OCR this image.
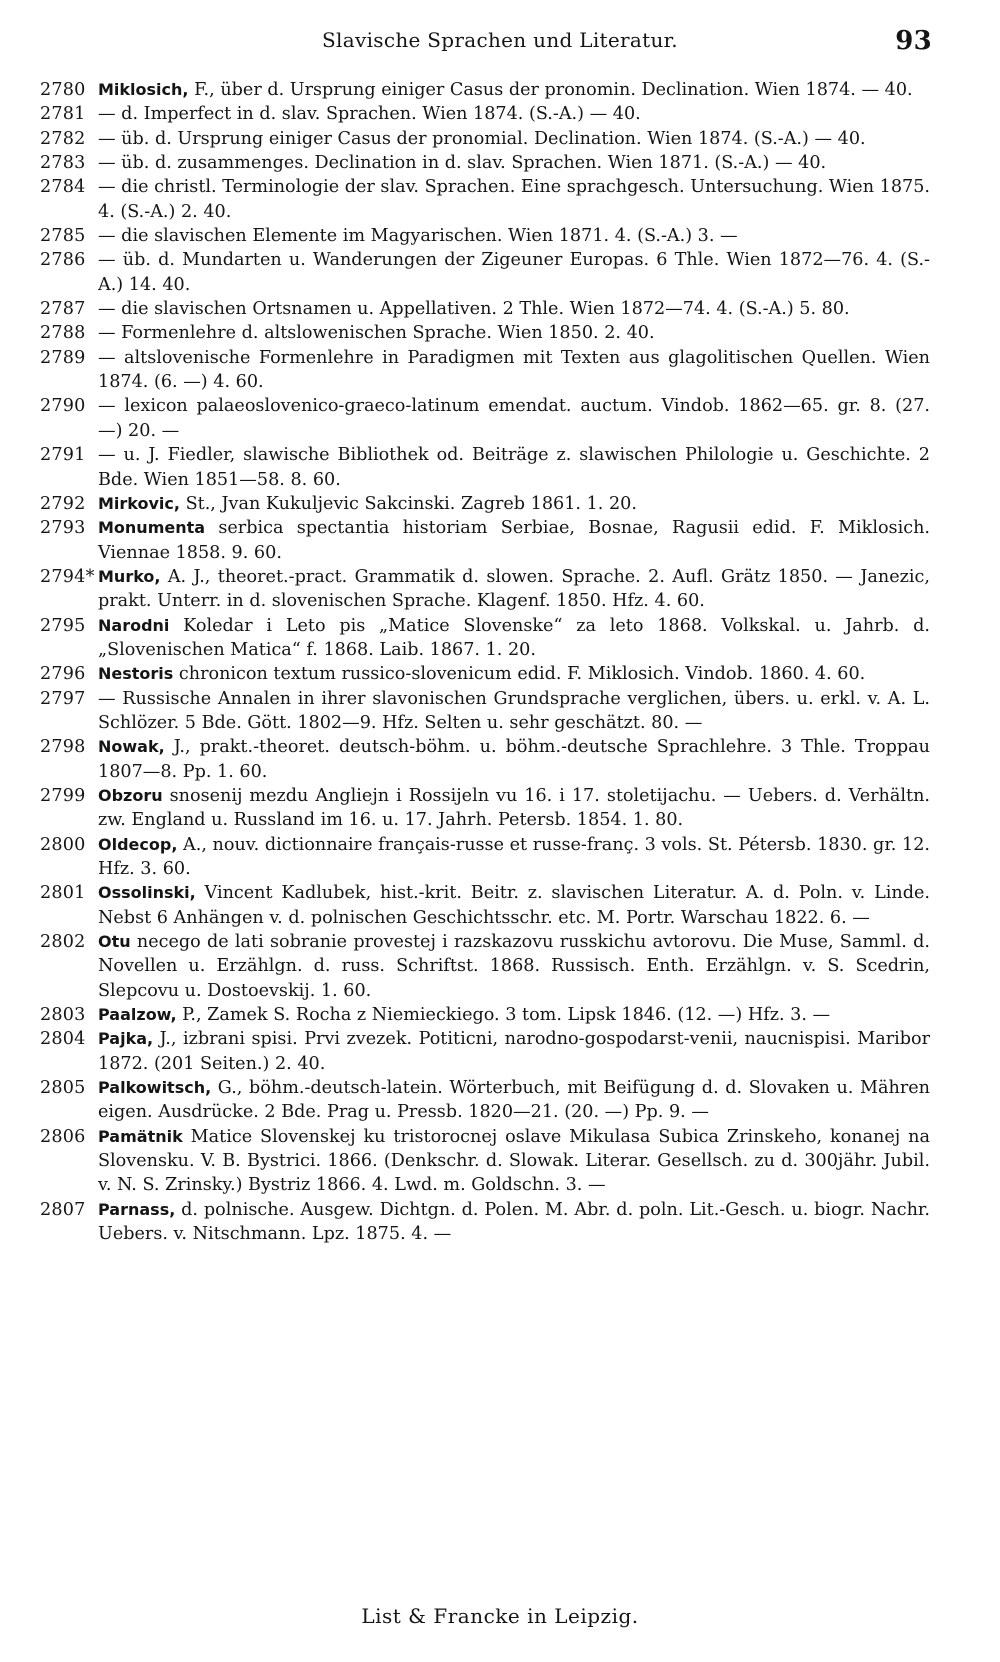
Slavische Sprachen und Literatur.	93
2780 Miklosich, F., über d. Ursprung einiger Casus der pronomin. Declination. Wien 1874. — 40.
2781 — d. Imperfect in d. slav. Sprachen. Wien 1874. (S.-A.) — 40.
2782 — üb. d. Ursprung einiger Casus der pronomial. Declination. Wien 1874. (S.-A.) — 40.
2783 — üb. d. zusammenges. Declination in d. slav. Sprachen. Wien 1871. (S.-A.) — 40.
2784 — die christl. Terminologie der slav. Sprachen. Eine sprachgesch. Untersuchung. Wien 1875. 4. (S.-A.) 2. 40.
2785 — die slavischen Elemente im Magyarischen. Wien 1871. 4. (S.-A.) 3. —
2786 — üb. d. Mundarten u. Wanderungen der Zigeuner Europas. 6 Thle. Wien 1872—76. 4. (S.-A.) 14. 40.
2787 — die slavischen Ortsnamen u. Appellativen. 2 Thle. Wien 1872—74. 4. (S.-A.) 5. 80.
2788 — Formenlehre d. altslowenischen Sprache. Wien 1850. 2. 40.
2789 — altslovenische Formenlehre in Paradigmen mit Texten aus glagolitischen Quellen. Wien 1874. (6. —) 4. 60.
2790 — lexicon palaeoslovenico-graeco-latinum emendat. auctum. Vindob. 1862—65. gr. 8. (27. —) 20. —
2791 — u. J. Fiedler, slawische Bibliothek od. Beiträge z. slawischen Philologie u. Geschichte. 2 Bde. Wien 1851—58. 8. 60.
2792 Mirkovic, St., Jvan Kukuljevic Sakcinski. Zagreb 1861. 1. 20.
2793 Monumenta serbica spectantia historiam Serbiae, Bosnae, Ragusii edid. F. Miklosich. Viennae 1858. 9. 60.
2794* Murko, A. J., theoret.-pract. Grammatik d. slowen. Sprache. 2. Aufl. Grätz 1850. — Janezic, prakt. Unterr. in d. slovenischen Sprache. Klagenf. 1850. Hfz. 4. 60.
2795 Narodni Koledar i Leto pis „Matice Slovenske“ za leto 1868. Volkskal. u. Jahrb. d. „Slovenischen Matica“ f. 1868. Laib. 1867. 1. 20.
2796 Nestoris chronicon textum russico-slovenicum edid. F. Miklosich. Vindob. 1860. 4. 60.
2797 — Russische Annalen in ihrer slavonischen Grundsprache verglichen, übers. u. erkl. v. A. L. Schlözer. 5 Bde. Gött. 1802—9. Hfz. Selten u. sehr geschätzt. 80. —
2798 Nowak, J., prakt.-theoret. deutsch-böhm. u. böhm.-deutsche Sprachlehre. 3 Thle. Troppau 1807—8. Pp. 1. 60.
2799 Obzoru snosenij mezdu Angliejn i Rossijeln vu 16. i 17. stoletijachu. — Uebers. d. Verhältn. zw. England u. Russland im 16. u. 17. Jahrh. Petersb. 1854. 1. 80.
2800 Oldecop, A., nouv. dictionnaire français-russe et russe-franç. 3 vols. St. Pétersb. 1830. gr. 12. Hfz. 3. 60.
2801 Ossolinski, Vincent Kadlubek, hist.-krit. Beitr. z. slavischen Literatur. A. d. Poln. v. Linde. Nebst 6 Anhängen v. d. polnischen Geschichtsschr. etc. M. Portr. Warschau 1822. 6. —
2802 Otu necego de lati sobranie provestej i razskazovu russkichu avtorovu. Die Muse, Samml. d. Novellen u. Erzählgn. d. russ. Schriftst. 1868. Russisch. Enth. Erzählgn. v. S. Scedrin, Slepcovu u. Dostoevskij. 1. 60.
2803 Paalzow, P., Zamek S. Rocha z Niemieckiego. 3 tom. Lipsk 1846. (12. —) Hfz. 3. —
2804 Pajka, J., izbrani spisi. Prvi zvezek. Potiticni, narodno-gospodarst-venii, naucnispisi. Maribor 1872. (201 Seiten.) 2. 40.
2805 Palkowitsch, G., böhm.-deutsch-latein. Wörterbuch, mit Beifügung d. d. Slovaken u. Mähren eigen. Ausdrücke. 2 Bde. Prag u. Pressb. 1820—21. (20. —) Pp. 9. —
2806 Pamätnik Matice Slovenskej ku tristorocnej oslave Mikulasa Subica Zrinskeho, konanej na Slovensku. V. B. Bystrici. 1866. (Denkschr. d. Slowak. Literar. Gesellsch. zu d. 300jähr. Jubil. v. N. S. Zrinsky.) Bystriz 1866. 4. Lwd. m. Goldschn. 3. —
2807 Parnass, d. polnische. Ausgew. Dichtgn. d. Polen. M. Abr. d. poln. Lit.-Gesch. u. biogr. Nachr. Uebers. v. Nitschmann. Lpz. 1875. 4. —
List & Francke in Leipzig.
